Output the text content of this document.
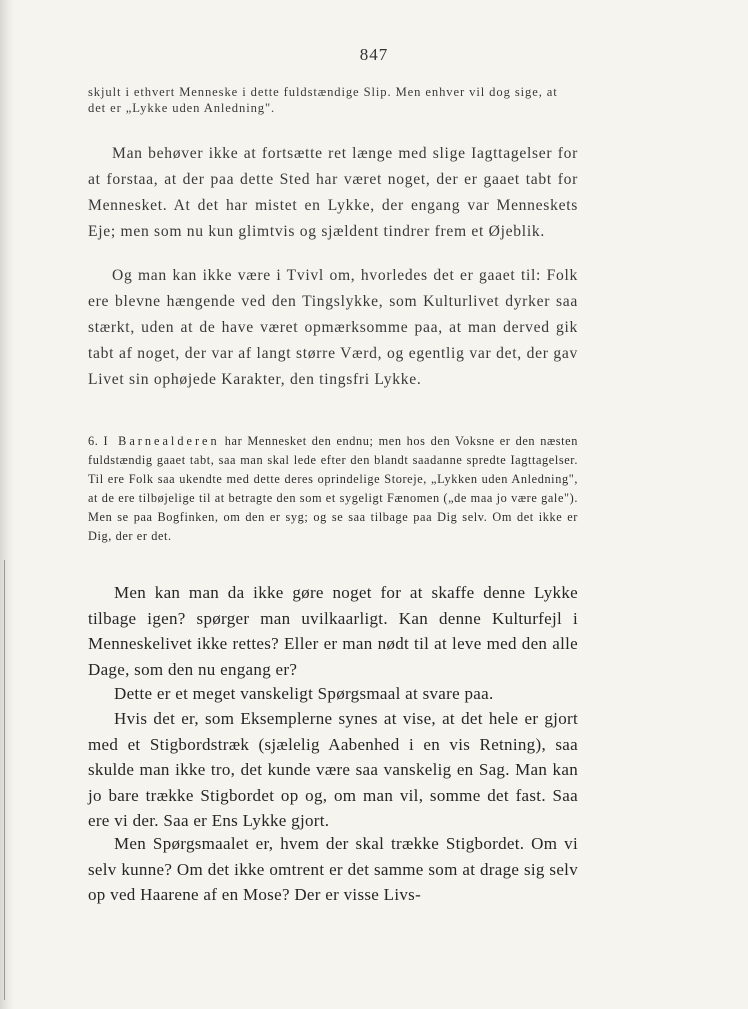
847

skjult i ethvert Menneske i dette fuldstændige Slip. Men enhver vil dog sige, at det er „Lykke uden Anledning".

Man behøver ikke at fortsætte ret længe med slige Iagttagelser for at forstaa, at der paa dette Sted har været noget, der er gaaet tabt for Mennesket. At det har mistet en Lykke, der engang var Menneskets Eje; men som nu kun glimtvis og sjældent tindrer frem et Øjeblik.

Og man kan ikke være i Tvivl om, hvorledes det er gaaet til: Folk ere blevne hængende ved den Tingslykke, som Kulturlivet dyrker saa stærkt, uden at de have været opmærksomme paa, at man derved gik tabt af noget, der var af langt større Værd, og egentlig var det, der gav Livet sin ophøjede Karakter, den tingsfri Lykke.

6. I Barnealderen har Mennesket den endnu; men hos den Voksne er den næsten fuldstændig gaaet tabt, saa man skal lede efter den blandt saadanne spredte Iagttagelser. Til ere Folk saa ukendte med dette deres oprindelige Storeje, „Lykken uden Anledning", at de ere tilbøjelige til at betragte den som et sygeligt Fænomen („de maa jo være gale"). Men se paa Bogfinken, om den er syg; og se saa tilbage paa Dig selv. Om det ikke er Dig, der er det.

Men kan man da ikke gøre noget for at skaffe denne Lykke tilbage igen? spørger man uvilkaarligt. Kan denne Kulturfejl i Menneskelivet ikke rettes? Eller er man nødt til at leve med den alle Dage, som den nu engang er?

Dette er et meget vanskeligt Spørgsmaal at svare paa.

Hvis det er, som Eksemplerne synes at vise, at det hele er gjort med et Stigbordstræk (sjælelig Aabenhed i en vis Retning), saa skulde man ikke tro, det kunde være saa vanskelig en Sag. Man kan jo bare trække Stigbordet op og, om man vil, somme det fast. Saa ere vi der. Saa er Ens Lykke gjort.

Men Spørgsmaalet er, hvem der skal trække Stigbordet. Om vi selv kunne? Om det ikke omtrent er det samme som at drage sig selv op ved Haarene af en Mose? Der er visse Livs-
